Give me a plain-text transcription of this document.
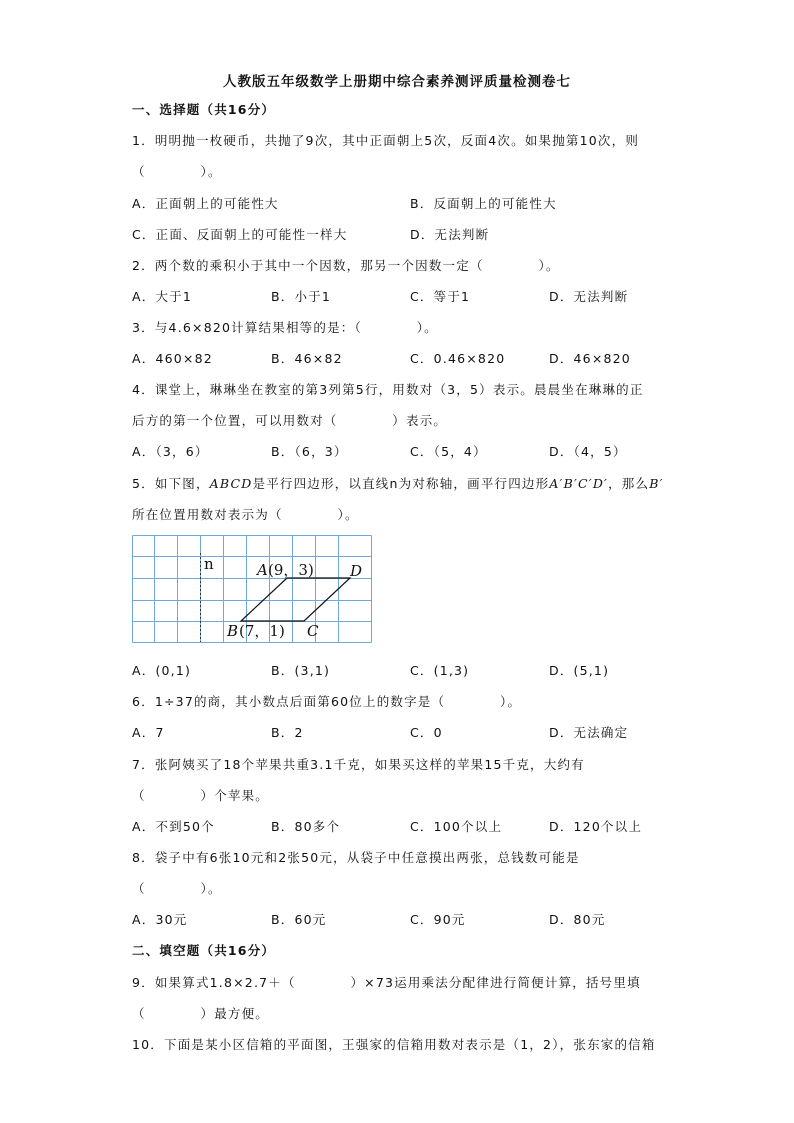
人教版五年级数学上册期中综合素养测评质量检测卷七
一、选择题（共16分）
1．明明抛一枚硬币，共抛了9次，其中正面朝上5次，反面4次。如果抛第10次，则
（　　　　）。
A．正面朝上的可能性大	B．反面朝上的可能性大
C．正面、反面朝上的可能性一样大	D．无法判断
2．两个数的乘积小于其中一个因数，那另一个因数一定（　　　　）。
A．大于1	B．小于1	C．等于1	D．无法判断
3．与4.6×820计算结果相等的是：（　　　　）。
A．460×82	B．46×82	C．0.46×820	D．46×820
4．课堂上，琳琳坐在教室的第3列第5行，用数对（3，5）表示。晨晨坐在琳琳的正
后方的第一个位置，可以用数对（　　　　）表示。
A．（3，6）	B．（6，3）	C．（5，4）	D．（4，5）
5．如下图，ABCD是平行四边形，以直线n为对称轴，画平行四边形A′B′C′D′，那么B′
所在位置用数对表示为（　　　　）。
n	A (9，3) D
B (7，1) C
A．(0,1)	B．(3,1)	C．(1,3)	D．(5,1)
6．1÷37的商，其小数点后面第60位上的数字是（　　　　）。
A．7	B．2	C．0	D．无法确定
7．张阿姨买了18个苹果共重3.1千克，如果买这样的苹果15千克，大约有
（　　　　）个苹果。
A．不到50个	B．80多个	C．100个以上	D．120个以上
8．袋子中有6张10元和2张50元，从袋子中任意摸出两张，总钱数可能是
（　　　　）。
A．30元	B．60元	C．90元	D．80元
二、填空题（共16分）
9．如果算式1.8×2.7＋（　　　　）×73运用乘法分配律进行简便计算，括号里填
（　　　　）最方便。
10．下面是某小区信箱的平面图，王强家的信箱用数对表示是（1，2），张东家的信箱
